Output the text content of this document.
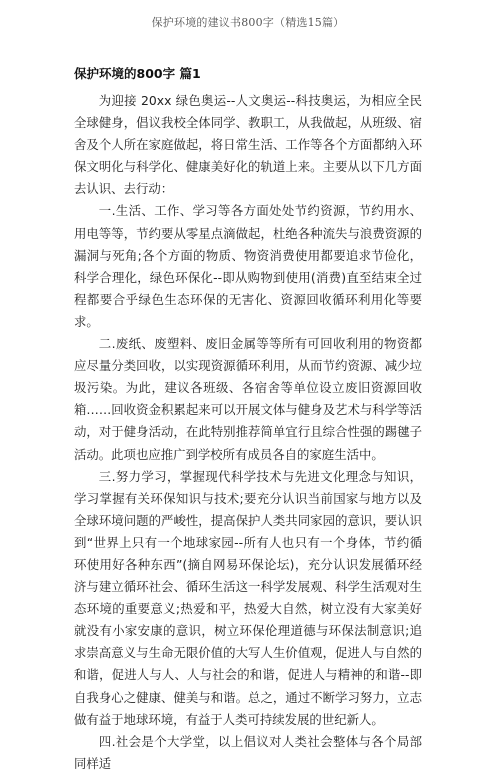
保护环境的建议书800字（精选15篇）
保护环境的800字 篇1

为迎接 20xx 绿色奥运--人文奥运--科技奥运，为相应全民全球健身，倡议我校全体同学、教职工，从我做起，从班级、宿舍及个人所在家庭做起，将日常生活、工作等各个方面都纳入环保文明化与科学化、健康美好化的轨道上来。主要从以下几方面去认识、去行动：

一.生活、工作、学习等各方面处处节约资源，节约用水、用电等等，节约要从零星点滴做起，杜绝各种流失与浪费资源的漏洞与死角;各个方面的物质、物资消费使用都要追求节俭化，科学合理化，绿色环保化--即从购物到使用(消费)直至结束全过程都要合乎绿色生态环保的无害化、资源回收循环利用化等要求。

二.废纸、废塑料、废旧金属等等所有可回收利用的物资都应尽量分类回收，以实现资源循环利用，从而节约资源、减少垃圾污染。为此，建议各班级、各宿舍等单位设立废旧资源回收箱……回收资金积累起来可以开展文体与健身及艺术与科学等活动，对于健身活动，在此特别推荐简单宜行且综合性强的踢毽子活动。此项也应推广到学校所有成员各自的家庭生活中。

三.努力学习，掌握现代科学技术与先进文化理念与知识，学习掌握有关环保知识与技术;要充分认识当前国家与地方以及全球环境问题的严峻性，提高保护人类共同家园的意识，要认识到“世界上只有一个地球家园--所有人也只有一个身体，节约循环使用好各种东西”(摘自网易环保论坛)，充分认识发展循环经济与建立循环社会、循环生活这一科学发展观、科学生活观对生态环境的重要意义;热爱和平，热爱大自然，树立没有大家美好就没有小家安康的意识，树立环保伦理道德与环保法制意识;追求崇高意义与生命无限价值的大写人生价值观，促进人与自然的和谐，促进人与人、人与社会的和谐，促进人与精神的和谐--即自我身心之健康、健美与和谐。总之，通过不断学习努力，立志做有益于地球环境，有益于人类可持续发展的世纪新人。

四.社会是个大学堂，以上倡议对人类社会整体与各个局部同样适
